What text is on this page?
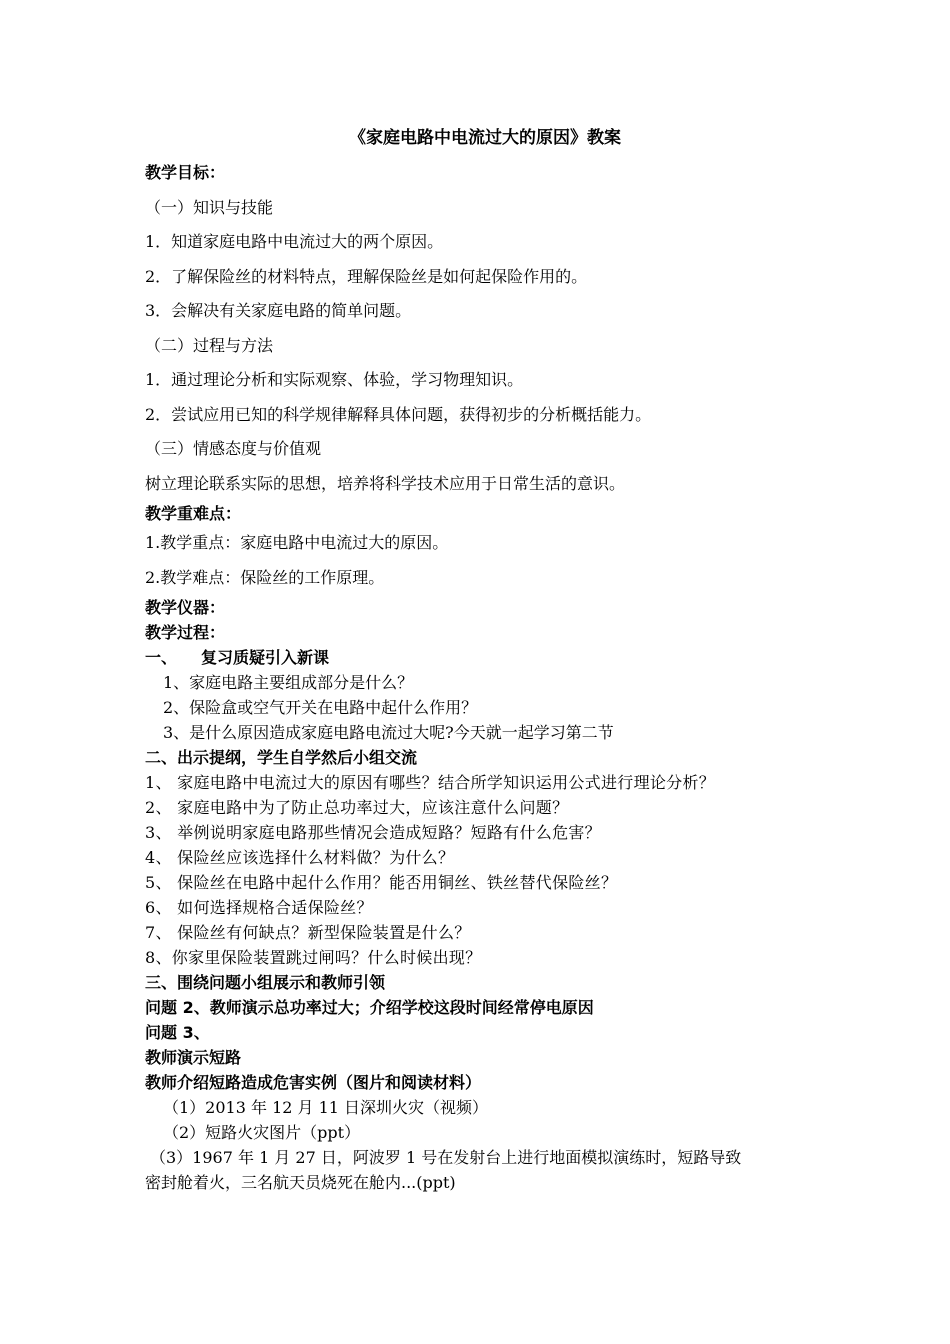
《家庭电路中电流过大的原因》教案
教学目标：
（一）知识与技能
1．知道家庭电路中电流过大的两个原因。
2．了解保险丝的材料特点，理解保险丝是如何起保险作用的。
3．会解决有关家庭电路的简单问题。
（二）过程与方法
1．通过理论分析和实际观察、体验，学习物理知识。
2．尝试应用已知的科学规律解释具体问题，获得初步的分析概括能力。
（三）情感态度与价值观
树立理论联系实际的思想，培养将科学技术应用于日常生活的意识。
教学重难点：
1.教学重点：家庭电路中电流过大的原因。
2.教学难点：保险丝的工作原理。
教学仪器：
教学过程：
一、 复习质疑引入新课
1、家庭电路主要组成部分是什么？
2、保险盒或空气开关在电路中起什么作用？
3、是什么原因造成家庭电路电流过大呢?今天就一起学习第二节
二、出示提纲，学生自学然后小组交流
1、 家庭电路中电流过大的原因有哪些？结合所学知识运用公式进行理论分析？
2、 家庭电路中为了防止总功率过大，应该注意什么问题？
3、 举例说明家庭电路那些情况会造成短路？短路有什么危害？
4、 保险丝应该选择什么材料做？为什么？
5、 保险丝在电路中起什么作用？能否用铜丝、铁丝替代保险丝？
6、 如何选择规格合适保险丝？
7、 保险丝有何缺点？新型保险装置是什么？
8、你家里保险装置跳过闸吗？什么时候出现？
三、围绕问题小组展示和教师引领
问题 2、教师演示总功率过大；介绍学校这段时间经常停电原因
问题 3、
教师演示短路
教师介绍短路造成危害实例（图片和阅读材料）
（1）2013 年 12 月 11 日深圳火灾（视频）
（2）短路火灾图片（ppt）
（3）1967 年 1 月 27 日，阿波罗 1 号在发射台上进行地面模拟演练时，短路导致
密封舱着火，三名航天员烧死在舱内...(ppt)
